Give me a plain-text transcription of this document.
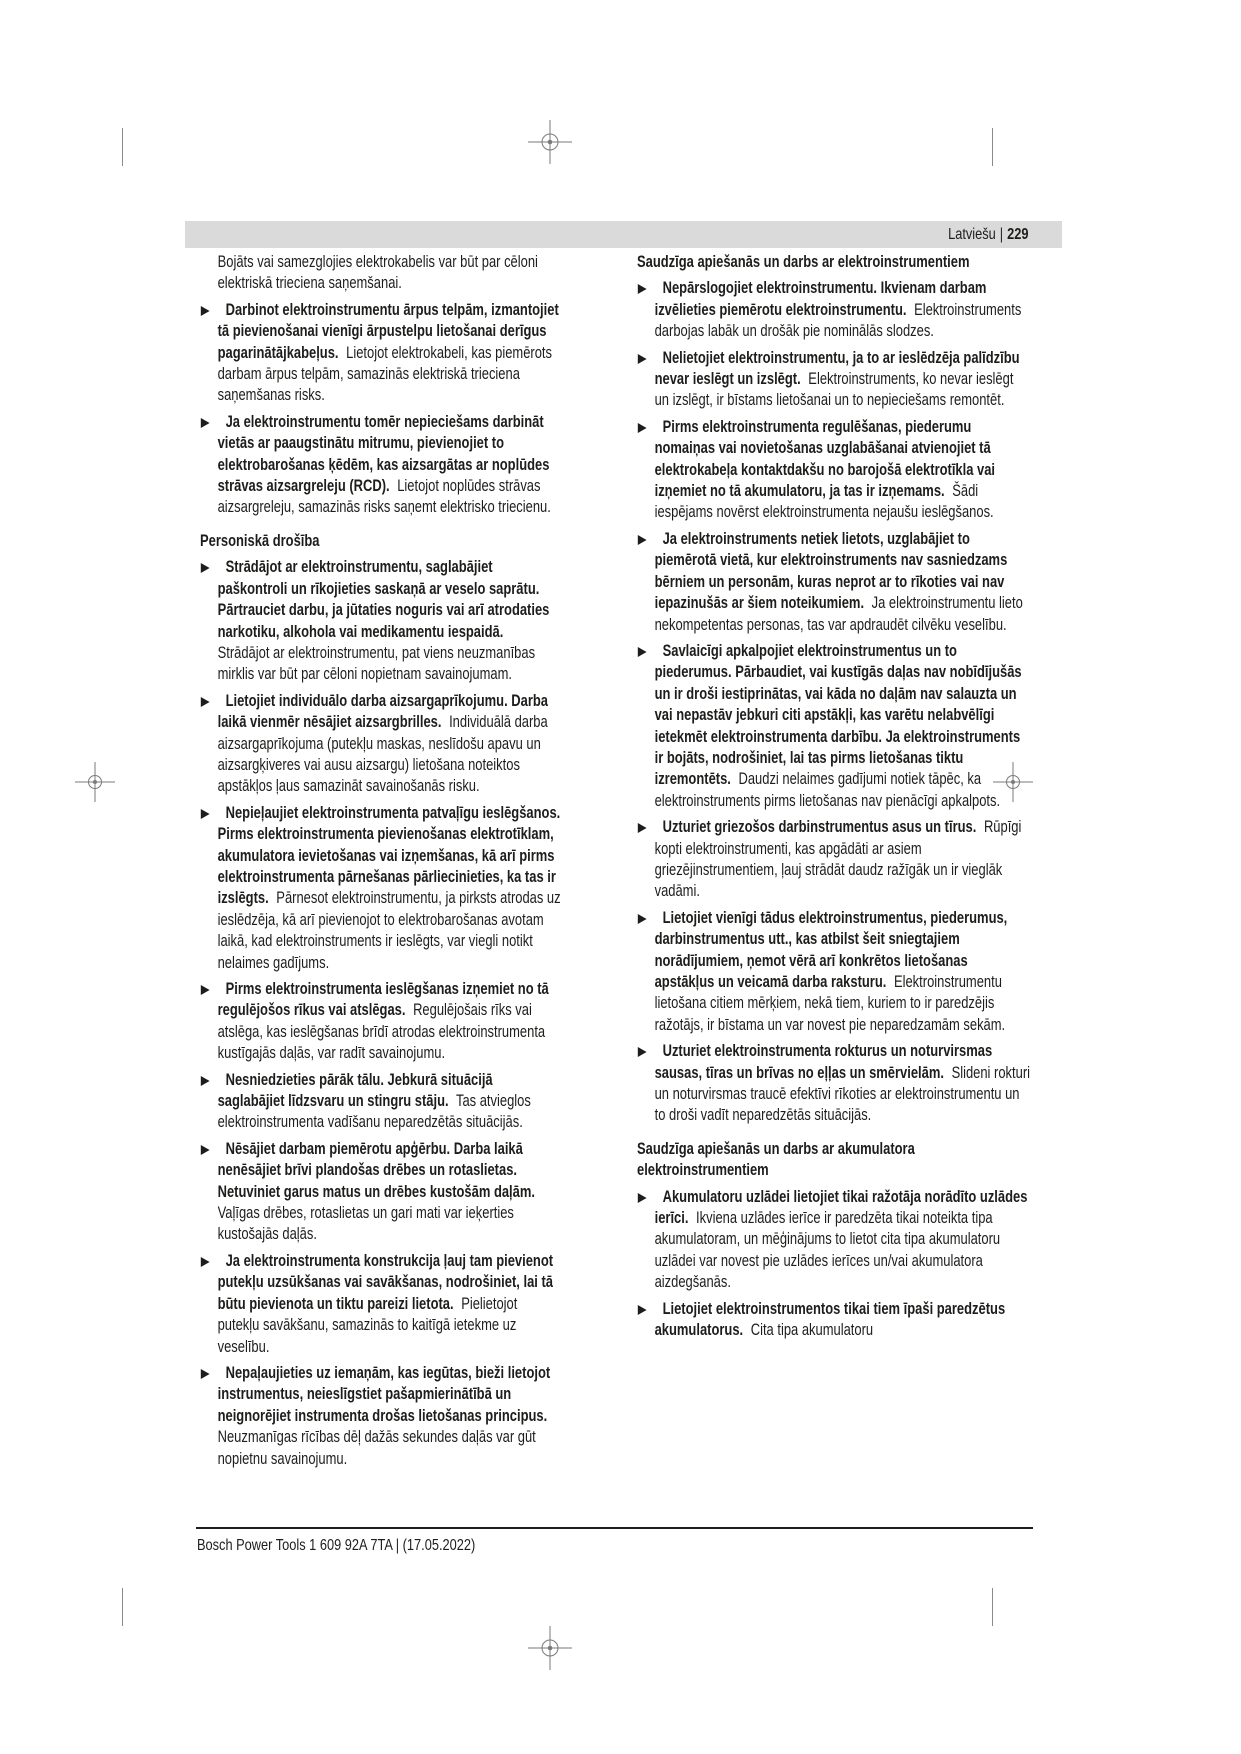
Latviešu | 229
Bojāts vai samezglojies elektrokabelis var būt par cēloni elektriskā trieciena saņemšanai.
Darbinot elektroinstrumentu ārpus telpām, izmantojiet tā pievienošanai vienīgi ārpustelpu lietošanai derīgus pagarinātājkabeļus. Lietojot elektrokabeli, kas piemērots darbam ārpus telpām, samazinās elektriskā trieciena saņemšanas risks.
Ja elektroinstrumentu tomēr nepieciešams darbināt vietās ar paaugstinātu mitrumu, pievienojiet to elektrobarošanas ķēdēm, kas aizsargātas ar noplūdes strāvas aizsargreleju (RCD). Lietojot noplūdes strāvas aizsargreleju, samazinās risks saņemt elektrisko triecienu.
Personiskā drošība
Strādājot ar elektroinstrumentu, saglabājiet paškontroli un rīkojieties saskaņā ar veselo saprātu. Pārtrauciet darbu, ja jūtaties noguris vai arī atrodaties narkotiku, alkohola vai medikamentu iespaidā. Strādājot ar elektroinstrumentu, pat viens neuzmanības mirklis var būt par cēloni nopietnam savainojumam.
Lietojiet individuālo darba aizsargaprīkojumu. Darba laikā vienmēr nēsājiet aizsargbrilles. Individuālā darba aizsargaprīkojuma (putekļu maskas, neslīdošu apavu un aizsargķiveres vai ausu aizsargu) lietošana noteiktos apstākļos ļaus samazināt savainošanās risku.
Nepieļaujiet elektroinstrumenta patvaļīgu ieslēgšanos. Pirms elektroinstrumenta pievienošanas elektrotīklam, akumulatora ievietošanas vai izņemšanas, kā arī pirms elektroinstrumenta pārnešanas pārliecinieties, ka tas ir izslēgts. Pārnesot elektroinstrumentu, ja pirksts atrodas uz ieslēdzēja, kā arī pievienojot to elektrobarošanas avotam laikā, kad elektroinstruments ir ieslēgts, var viegli notikt nelaimes gadījums.
Pirms elektroinstrumenta ieslēgšanas izņemiet no tā regulējošos rīkus vai atslēgas. Regulējošais rīks vai atslēga, kas ieslēgšanas brīdī atrodas elektroinstrumenta kustīgajās daļās, var radīt savainojumu.
Nesniedzieties pārāk tālu. Jebkurā situācijā saglabājiet līdzsvaru un stingru stāju. Tas atvieglos elektroinstrumenta vadīšanu neparedzētās situācijās.
Nēsājiet darbam piemērotu apģērbu. Darba laikā nenēsājiet brīvi plandošas drēbes un rotaslietas. Netuviniet garus matus un drēbes kustošām daļām. Vaļīgas drēbes, rotaslietas un gari mati var ieķerties kustošajās daļās.
Ja elektroinstrumenta konstrukcija ļauj tam pievienot putekļu uzsūkšanas vai savākšanas, nodrošiniet, lai tā būtu pievienota un tiktu pareizi lietota. Pielietojot putekļu savākšanu, samazinās to kaitīgā ietekme uz veselību.
Nepaļaujieties uz iemaņām, kas iegūtas, bieži lietojot instrumentus, neieslīgstiet pašapmierinātībā un neignorējiet instrumenta drošas lietošanas principus. Neuzmanīgas rīcības dēļ dažās sekundes daļās var gūt nopietnu savainojumu.
Saudzīga apiešanās un darbs ar elektroinstrumentiem
Nepārslogojiet elektroinstrumentu. Ikvienam darbam izvēlieties piemērotu elektroinstrumentu. Elektroinstruments darbojas labāk un drošāk pie nominālās slodzes.
Nelietojiet elektroinstrumentu, ja to ar ieslēdzēja palīdzību nevar ieslēgt un izslēgt. Elektroinstruments, ko nevar ieslēgt un izslēgt, ir bīstams lietošanai un to nepieciešams remontēt.
Pirms elektroinstrumenta regulēšanas, piederumu nomaiņas vai novietošanas uzglabāšanai atvienojiet tā elektrokabeļa kontaktdakšu no barojošā elektrotīkla vai izņemiet no tā akumulatoru, ja tas ir izņemams. Šādi iespējams novērst elektroinstrumenta nejaušu ieslēgšanos.
Ja elektroinstruments netiek lietots, uzglabājiet to piemērotā vietā, kur elektroinstruments nav sasniedzams bērniem un personām, kuras neprot ar to rīkoties vai nav iepazinušās ar šiem noteikumiem. Ja elektroinstrumentu lieto nekompetentas personas, tas var apdraudēt cilvēku veselību.
Savlaicīgi apkalpojiet elektroinstrumentus un to piederumus. Pārbaudiet, vai kustīgās daļas nav nobīdījušās un ir droši iestiprinātas, vai kāda no daļām nav salauzta un vai nepastāv jebkuri citi apstākļi, kas varētu nelabvēlīgi ietekmēt elektroinstrumenta darbību. Ja elektroinstruments ir bojāts, nodrošiniet, lai tas pirms lietošanas tiktu izremontēts. Daudzi nelaimes gadījumi notiek tāpēc, ka elektroinstruments pirms lietošanas nav pienācīgi apkalpots.
Uzturiet griezošos darbinstrumentus asus un tīrus. Rūpīgi kopti elektroinstrumenti, kas apgādāti ar asiem griezējinstrumentiem, ļauj strādāt daudz ražīgāk un ir vieglāk vadāmi.
Lietojiet vienīgi tādus elektroinstrumentus, piederumus, darbinstrumentus utt., kas atbilst šeit sniegtajiem norādījumiem, ņemot vērā arī konkrētos lietošanas apstākļus un veicamā darba raksturu. Elektroinstrumentu lietošana citiem mērķiem, nekā tiem, kuriem to ir paredzējis ražotājs, ir bīstama un var novest pie neparedzamām sekām.
Uzturiet elektroinstrumenta rokturus un noturvirsmas sausas, tīras un brīvas no eļļas un smērvielām. Slideni rokturi un noturvirsmas traucē efektīvi rīkoties ar elektroinstrumentu un to droši vadīt neparedzētās situācijās.
Saudzīga apiešanās un darbs ar akumulatora elektroinstrumentiem
Akumulatoru uzlādei lietojiet tikai ražotāja norādīto uzlādes ierīci. Ikviena uzlādes ierīce ir paredzēta tikai noteikta tipa akumulatoram, un mēģinājums to lietot cita tipa akumulatoru uzlādei var novest pie uzlādes ierīces un/vai akumulatora aizdegšanās.
Lietojiet elektroinstrumentos tikai tiem īpaši paredzētus akumulatorus. Cita tipa akumulatoru
Bosch Power Tools 1 609 92A 7TA | (17.05.2022)
